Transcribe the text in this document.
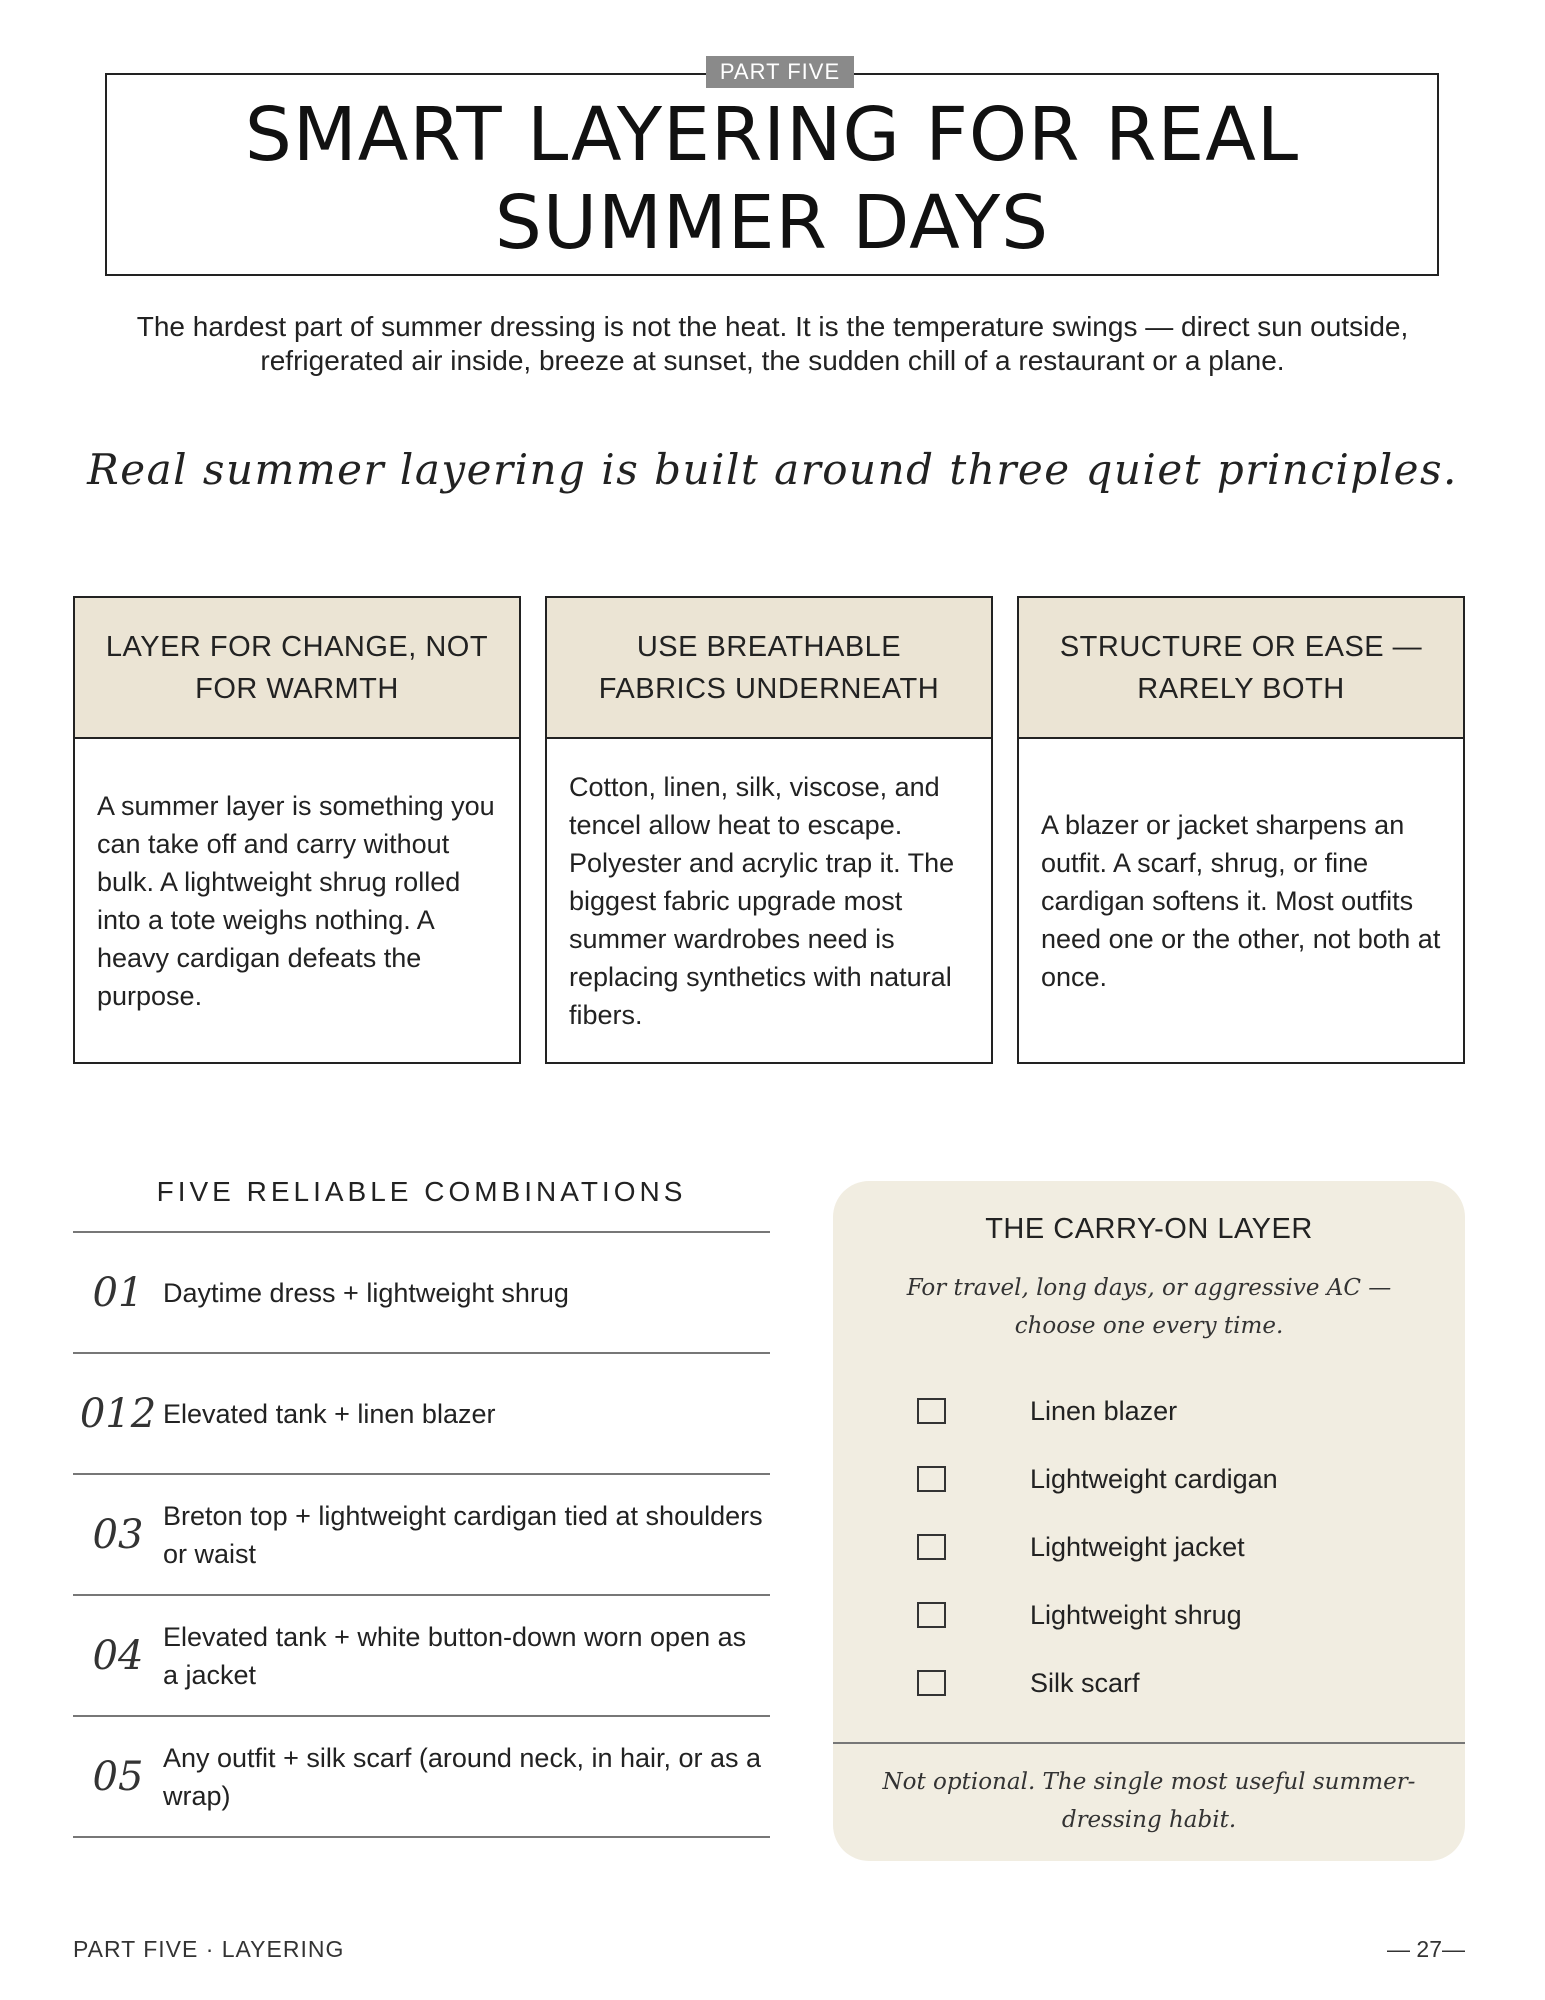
PART FIVE
SMART LAYERING FOR REAL SUMMER DAYS

The hardest part of summer dressing is not the heat. It is the temperature swings — direct sun outside, refrigerated air inside, breeze at sunset, the sudden chill of a restaurant or a plane.

Real summer layering is built around three quiet principles.

LAYER FOR CHANGE, NOT FOR WARMTH
A summer layer is something you can take off and carry without bulk. A lightweight shrug rolled into a tote weighs nothing. A heavy cardigan defeats the purpose.
USE BREATHABLE FABRICS UNDERNEATH
Cotton, linen, silk, viscose, and tencel allow heat to escape. Polyester and acrylic trap it. The biggest fabric upgrade most summer wardrobes need is replacing synthetics with natural fibers.
STRUCTURE OR EASE — RARELY BOTH
A blazer or jacket sharpens an outfit. A scarf, shrug, or fine cardigan softens it. Most outfits need one or the other, not both at once.
FIVE RELIABLE COMBINATIONS
01 Daytime dress + lightweight shrug
012 Elevated tank + linen blazer
03 Breton top + lightweight cardigan tied at shoulders or waist
04 Elevated tank + white button-down worn open as a jacket
05 Any outfit + silk scarf (around neck, in hair, or as a wrap)
THE CARRY-ON LAYER
For travel, long days, or aggressive AC — choose one every time.
Linen blazer
Lightweight cardigan
Lightweight jacket
Lightweight shrug
Silk scarf
Not optional. The single most useful summer-dressing habit.
PART FIVE · LAYERING	— 27—
